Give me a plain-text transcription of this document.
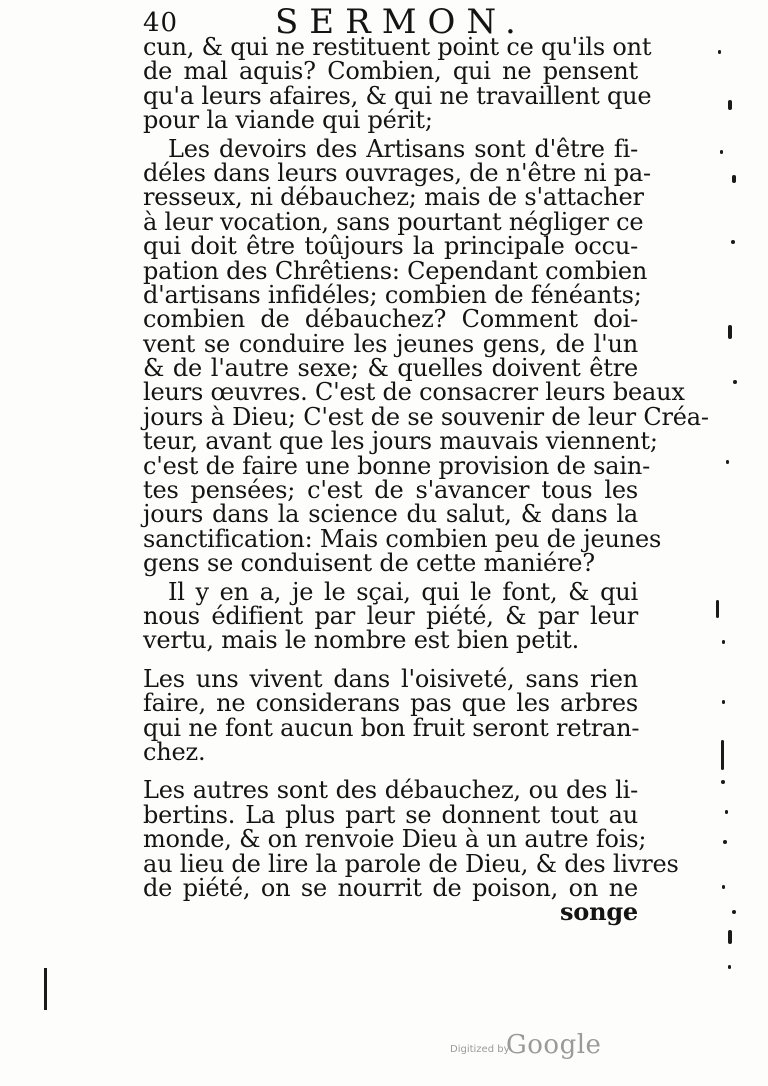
40	SERMON.
cun, & qui ne restituent point ce qu'ils ont
de mal aquis? Combien, qui ne pensent
qu'a leurs afaires, & qui ne travaillent que
pour la viande qui périt;
Les devoirs des Artisans sont d'être fi-
déles dans leurs ouvrages, de n'être ni pa-
resseux, ni débauchez; mais de s'attacher
à leur vocation, sans pourtant négliger ce
qui doit être toûjours la principale occu-
pation des Chrêtiens: Cependant combien
d'artisans infidéles; combien de fénéants;
combien de débauchez? Comment doi-
vent se conduire les jeunes gens, de l'un
& de l'autre sexe; & quelles doivent être
leurs œuvres. C'est de consacrer leurs beaux
jours à Dieu; C'est de se souvenir de leur Créa-
teur, avant que les jours mauvais viennent;
c'est de faire une bonne provision de sain-
tes pensées; c'est de s'avancer tous les
jours dans la science du salut, & dans la
sanctification: Mais combien peu de jeunes
gens se conduisent de cette maniére?
Il y en a, je le sçai, qui le font, & qui
nous édifient par leur piété, & par leur
vertu, mais le nombre est bien petit.
Les uns vivent dans l'oisiveté, sans rien
faire, ne considerans pas que les arbres
qui ne font aucun bon fruit seront retran-
chez.
Les autres sont des débauchez, ou des li-
bertins. La plus part se donnent tout au
monde, & on renvoie Dieu à un autre fois;
au lieu de lire la parole de Dieu, & des livres
de piété, on se nourrit de poison, on ne
songe
Digitized by
Google
